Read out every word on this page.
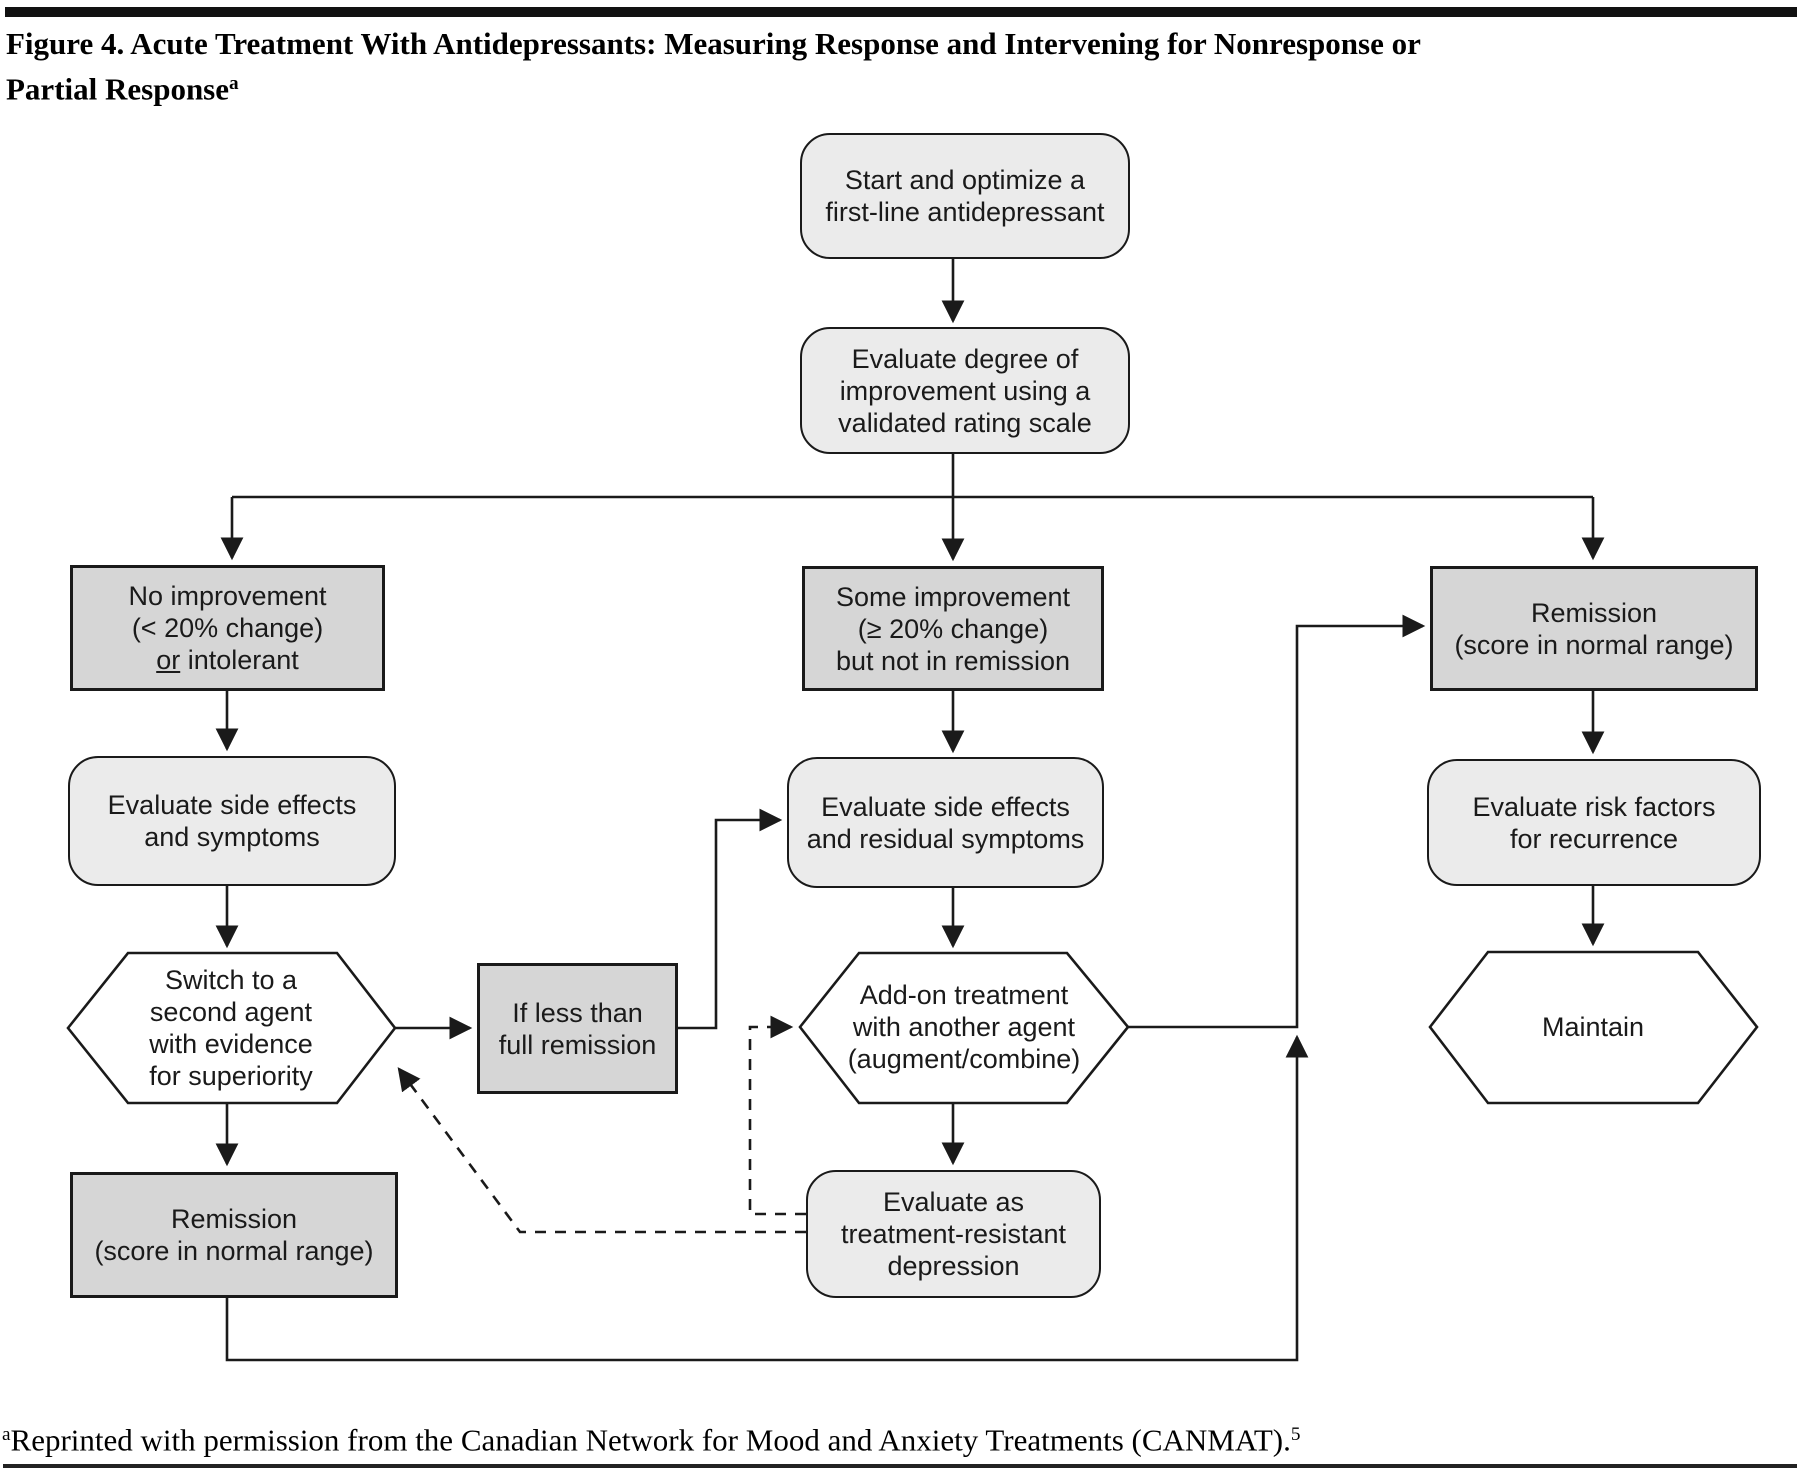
Figure 4. Acute Treatment With Antidepressants: Measuring Response and Intervening for Nonresponse or
Partial Response$^a$
Start and optimize a
first-line antidepressant
Evaluate degree of
improvement using a
validated rating scale
No improvement
(< 20% change)
or intolerant
Some improvement
(≥ 20% change)
but not in remission
Remission
(score in normal range)
Evaluate side effects
and symptoms
Evaluate side effects
and residual symptoms
Evaluate risk factors
for recurrence
Switch to a
second agent
with evidence
for superiority
If less than
full remission
Add-on treatment
with another agent
(augment/combine)
Maintain
Remission
(score in normal range)
Evaluate as
treatment-resistant
depression
$^a$Reprinted with permission from the Canadian Network for Mood and Anxiety Treatments (CANMAT).$^5$
